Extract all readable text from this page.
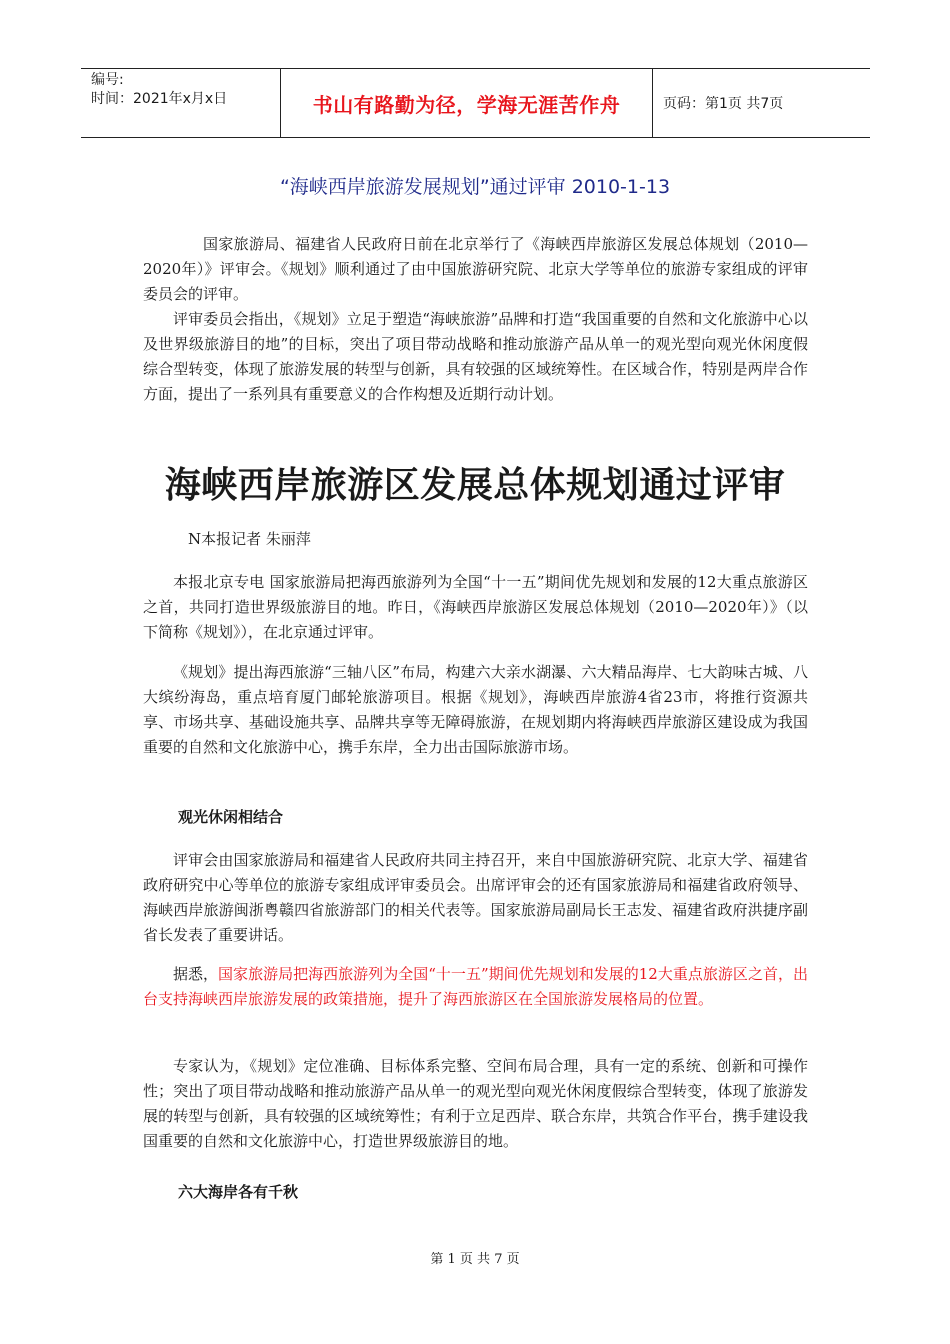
编号:
时间：2021年x月x日	书山有路勤为径，学海无涯苦作舟	页码：第1页 共7页
“海峡西岸旅游发展规划”通过评审 2010-1-13

国家旅游局、福建省人民政府日前在北京举行了《海峡西岸旅游区发展总体规划（2010—2020年）》评审会。《规划》顺利通过了由中国旅游研究院、北京大学等单位的旅游专家组成的评审委员会的评审。

评审委员会指出，《规划》立足于塑造“海峡旅游”品牌和打造“我国重要的自然和文化旅游中心以及世界级旅游目的地”的目标，突出了项目带动战略和推动旅游产品从单一的观光型向观光休闲度假综合型转变，体现了旅游发展的转型与创新，具有较强的区域统筹性。在区域合作，特别是两岸合作方面，提出了一系列具有重要意义的合作构想及近期行动计划。

海峡西岸旅游区发展总体规划通过评审
N本报记者 朱丽萍

本报北京专电 国家旅游局把海西旅游列为全国“十一五”期间优先规划和发展的12大重点旅游区之首，共同打造世界级旅游目的地。昨日，《海峡西岸旅游区发展总体规划（2010—2020年）》（以下简称《规划》），在北京通过评审。

《规划》提出海西旅游“三轴八区”布局，构建六大亲水湖瀑、六大精品海岸、七大韵味古城、八大缤纷海岛，重点培育厦门邮轮旅游项目。根据《规划》，海峡西岸旅游4省23市，将推行资源共享、市场共享、基础设施共享、品牌共享等无障碍旅游，在规划期内将海峡西岸旅游区建设成为我国重要的自然和文化旅游中心，携手东岸，全力出击国际旅游市场。

观光休闲相结合

评审会由国家旅游局和福建省人民政府共同主持召开，来自中国旅游研究院、北京大学、福建省政府研究中心等单位的旅游专家组成评审委员会。出席评审会的还有国家旅游局和福建省政府领导、海峡西岸旅游闽浙粤赣四省旅游部门的相关代表等。国家旅游局副局长王志发、福建省政府洪捷序副省长发表了重要讲话。

据悉，国家旅游局把海西旅游列为全国“十一五”期间优先规划和发展的12大重点旅游区之首，出台支持海峡西岸旅游发展的政策措施，提升了海西旅游区在全国旅游发展格局的位置。

专家认为，《规划》定位准确、目标体系完整、空间布局合理，具有一定的系统、创新和可操作性；突出了项目带动战略和推动旅游产品从单一的观光型向观光休闲度假综合型转变，体现了旅游发展的转型与创新，具有较强的区域统筹性；有利于立足西岸、联合东岸，共筑合作平台，携手建设我国重要的自然和文化旅游中心，打造世界级旅游目的地。

六大海岸各有千秋
第 1 页 共 7 页
